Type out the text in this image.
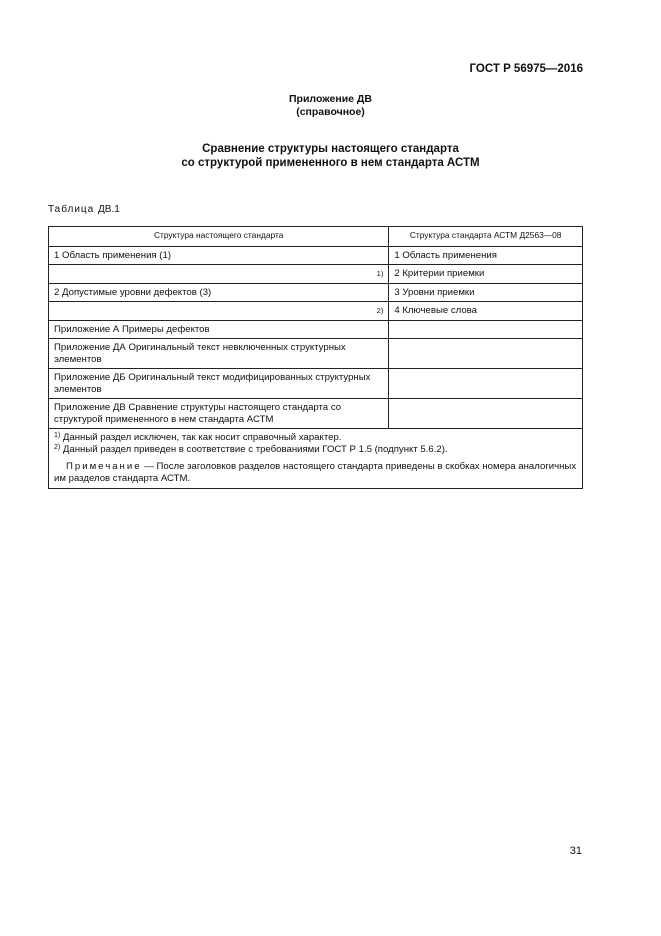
ГОСТ Р 56975—2016
Приложение ДВ
(справочное)
Сравнение структуры настоящего стандарта
со структурой примененного в нем стандарта АСТМ
Таблица ДВ.1
Структура настоящего стандарта	Структура стандарта АСТМ Д2563—08
1 Область применения (1)	1 Область применения
1)	2 Критерии приемки
2 Допустимые уровни дефектов (3)	3 Уровни приемки
2)	4 Ключевые слова
Приложение А Примеры дефектов	
Приложение ДА Оригинальный текст невключенных структурных элементов	
Приложение ДБ Оригинальный текст модифицированных структурных элементов	
Приложение ДВ Сравнение структуры настоящего стандарта со структурой примененного в нем стандарта АСТМ	

$^{1)}$ Данный раздел исключен, так как носит справочный характер.

$^{2)}$ Данный раздел приведен в соответствие с требованиями ГОСТ Р 1.5 (подпункт 5.6.2).

Примечание — После заголовков разделов настоящего стандарта приведены в скобках номера аналогичных им разделов стандарта АСТМ.	

31
